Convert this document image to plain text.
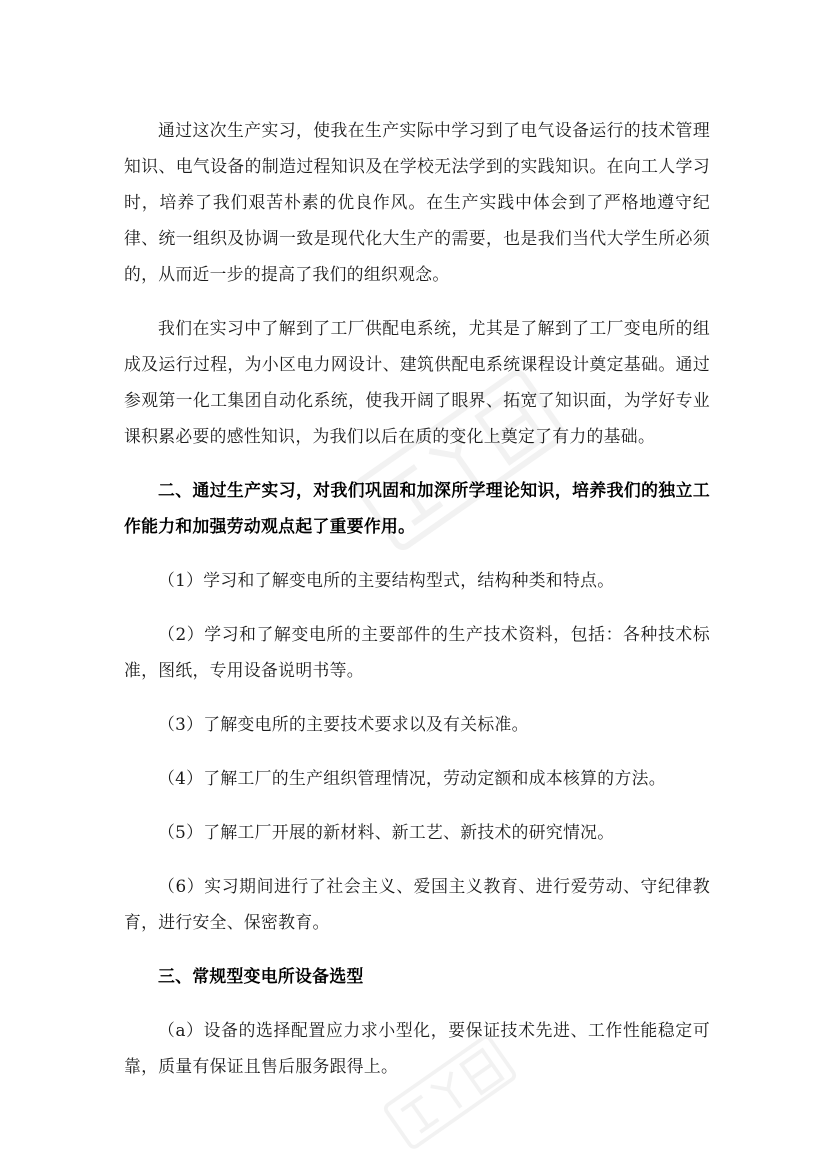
通过这次生产实习，使我在生产实际中学习到了电气设备运行的技术管理知识、电气设备的制造过程知识及在学校无法学到的实践知识。在向工人学习时，培养了我们艰苦朴素的优良作风。在生产实践中体会到了严格地遵守纪律、统一组织及协调一致是现代化大生产的需要，也是我们当代大学生所必须的，从而近一步的提高了我们的组织观念。

我们在实习中了解到了工厂供配电系统，尤其是了解到了工厂变电所的组成及运行过程，为小区电力网设计、建筑供配电系统课程设计奠定基础。通过参观第一化工集团自动化系统，使我开阔了眼界、拓宽了知识面，为学好专业课积累必要的感性知识，为我们以后在质的变化上奠定了有力的基础。

二、通过生产实习，对我们巩固和加深所学理论知识，培养我们的独立工作能力和加强劳动观点起了重要作用。

（1）学习和了解变电所的主要结构型式，结构种类和特点。

（2）学习和了解变电所的主要部件的生产技术资料，包括：各种技术标准，图纸，专用设备说明书等。

（3）了解变电所的主要技术要求以及有关标准。

（4）了解工厂的生产组织管理情况，劳动定额和成本核算的方法。

（5）了解工厂开展的新材料、新工艺、新技术的研究情况。

（6）实习期间进行了社会主义、爱国主义教育、进行爱劳动、守纪律教育，进行安全、保密教育。

三、常规型变电所设备选型

（a）设备的选择配置应力求小型化，要保证技术先进、工作性能稳定可靠，质量有保证且售后服务跟得上。
